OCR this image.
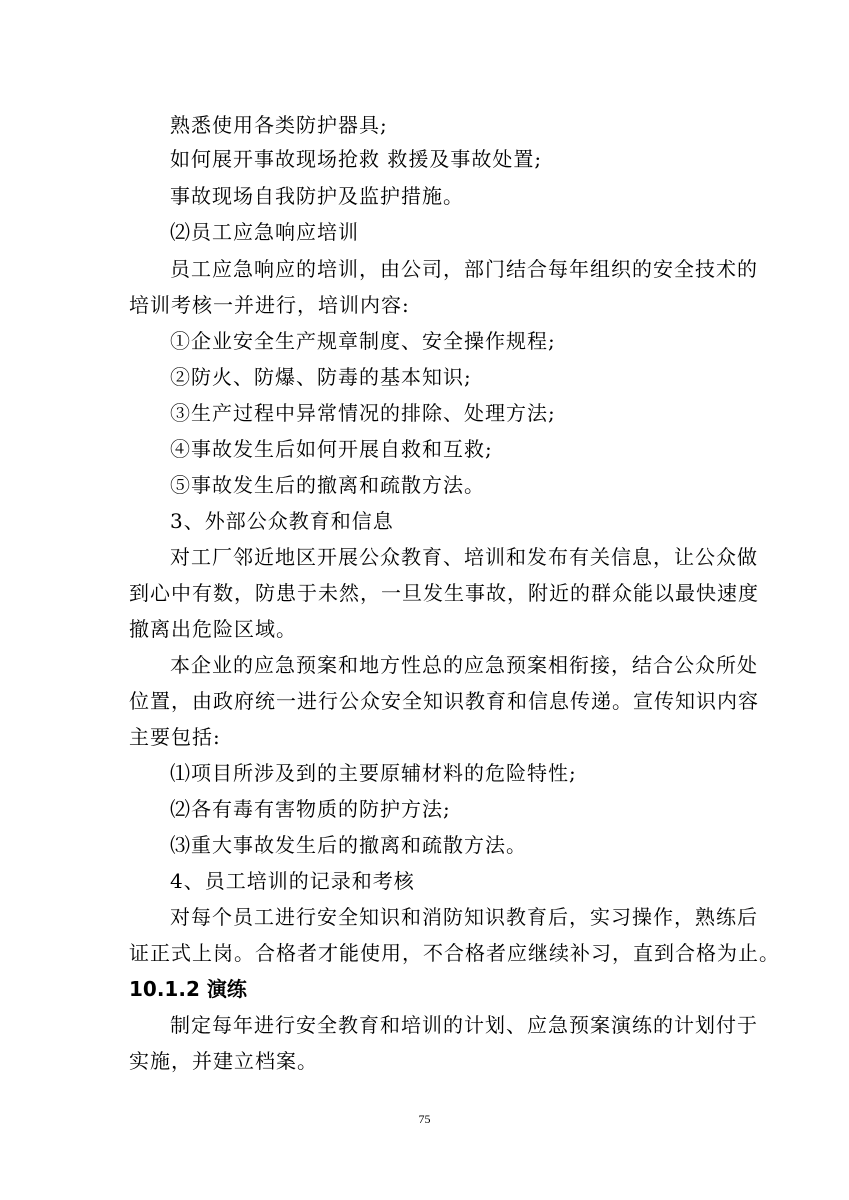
熟悉使用各类防护器具;
如何展开事故现场抢救 救援及事故处置;
事故现场自我防护及监护措施。
⑵员工应急响应培训
员工应急响应的培训，由公司，部门结合每年组织的安全技术的
培训考核一并进行，培训内容:
①企业安全生产规章制度、安全操作规程;
②防火、防爆、防毒的基本知识;
③生产过程中异常情况的排除、处理方法;
④事故发生后如何开展自救和互救;
⑤事故发生后的撤离和疏散方法。
3、外部公众教育和信息
对工厂邻近地区开展公众教育、培训和发布有关信息，让公众做
到心中有数，防患于未然，一旦发生事故，附近的群众能以最快速度
撤离出危险区域。
本企业的应急预案和地方性总的应急预案相衔接，结合公众所处
位置，由政府统一进行公众安全知识教育和信息传递。宣传知识内容
主要包括:
⑴项目所涉及到的主要原辅材料的危险特性;
⑵各有毒有害物质的防护方法;
⑶重大事故发生后的撤离和疏散方法。
4、员工培训的记录和考核
对每个员工进行安全知识和消防知识教育后，实习操作，熟练后
证正式上岗。合格者才能使用，不合格者应继续补习，直到合格为止。
10.1.2 演练
制定每年进行安全教育和培训的计划、应急预案演练的计划付于
实施，并建立档案。
75
